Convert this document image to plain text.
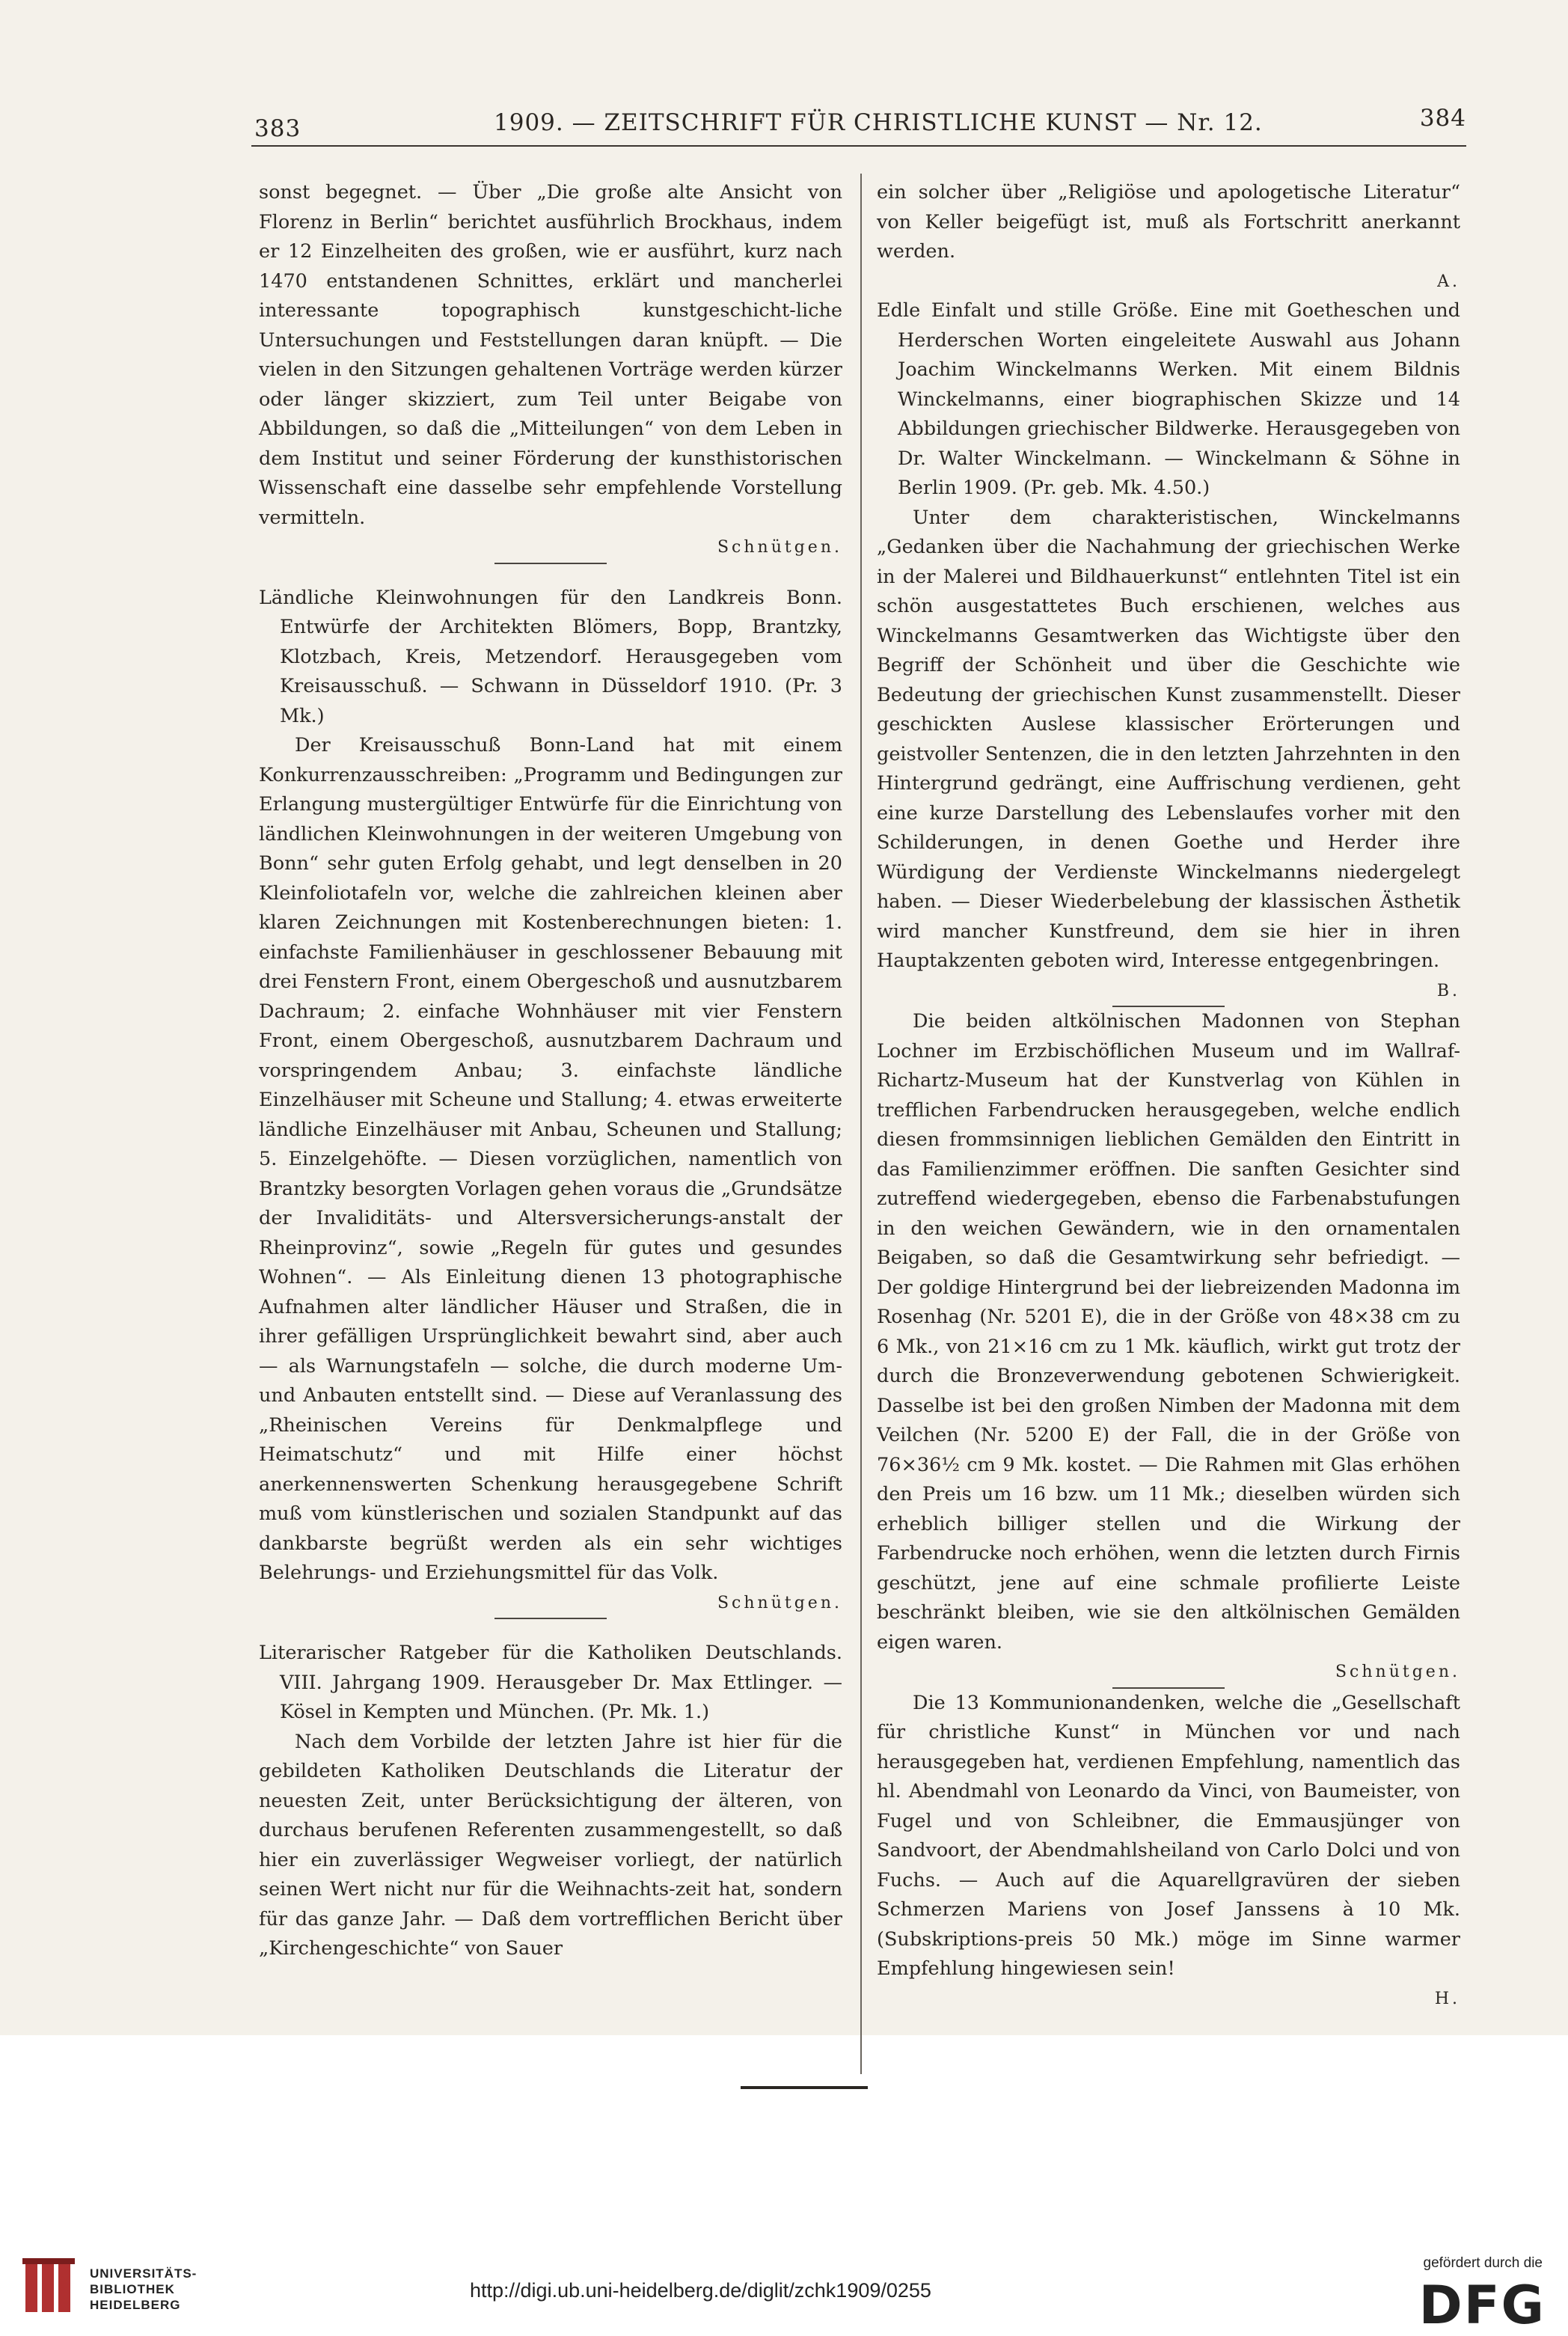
383	1909. — ZEITSCHRIFT FÜR CHRISTLICHE KUNST — Nr. 12.	384

sonst begegnet. — Über „Die große alte Ansicht von Florenz in Berlin“ berichtet ausführlich Brockhaus, indem er 12 Einzelheiten des großen, wie er ausführt, kurz nach 1470 entstandenen Schnittes, erklärt und mancherlei interessante topographisch kunstgeschicht-liche Untersuchungen und Feststellungen daran knüpft. — Die vielen in den Sitzungen gehaltenen Vorträge werden kürzer oder länger skizziert, zum Teil unter Beigabe von Abbildungen, so daß die „Mitteilungen“ von dem Leben in dem Institut und seiner Förderung der kunsthistorischen Wissenschaft eine dasselbe sehr empfehlende Vorstellung vermitteln.

Schnütgen.

Ländliche Kleinwohnungen für den Landkreis Bonn. Entwürfe der Architekten Blömers, Bopp, Brantzky, Klotzbach, Kreis, Metzendorf. Herausgegeben vom Kreisausschuß. — Schwann in Düsseldorf 1910. (Pr. 3 Mk.)

Der Kreisausschuß Bonn-Land hat mit einem Konkurrenzausschreiben: „Programm und Bedingungen zur Erlangung mustergültiger Entwürfe für die Einrichtung von ländlichen Kleinwohnungen in der weiteren Umgebung von Bonn“ sehr guten Erfolg gehabt, und legt denselben in 20 Kleinfoliotafeln vor, welche die zahlreichen kleinen aber klaren Zeichnungen mit Kostenberechnungen bieten: 1. einfachste Familienhäuser in geschlossener Bebauung mit drei Fenstern Front, einem Obergeschoß und ausnutzbarem Dachraum; 2. einfache Wohnhäuser mit vier Fenstern Front, einem Obergeschoß, ausnutzbarem Dachraum und vorspringendem Anbau; 3. einfachste ländliche Einzelhäuser mit Scheune und Stallung; 4. etwas erweiterte ländliche Einzelhäuser mit Anbau, Scheunen und Stallung; 5. Einzelgehöfte. — Diesen vorzüglichen, namentlich von Brantzky besorgten Vorlagen gehen voraus die „Grundsätze der Invaliditäts- und Altersversicherungs-anstalt der Rheinprovinz“, sowie „Regeln für gutes und gesundes Wohnen“. — Als Einleitung dienen 13 photographische Aufnahmen alter ländlicher Häuser und Straßen, die in ihrer gefälligen Ursprünglichkeit bewahrt sind, aber auch — als Warnungstafeln — solche, die durch moderne Um- und Anbauten entstellt sind. — Diese auf Veranlassung des „Rheinischen Vereins für Denkmalpflege und Heimatschutz“ und mit Hilfe einer höchst anerkennenswerten Schenkung herausgegebene Schrift muß vom künstlerischen und sozialen Standpunkt auf das dankbarste begrüßt werden als ein sehr wichtiges Belehrungs- und Erziehungsmittel für das Volk.

Schnütgen.

Literarischer Ratgeber für die Katholiken Deutschlands. VIII. Jahrgang 1909. Herausgeber Dr. Max Ettlinger. — Kösel in Kempten und München. (Pr. Mk. 1.)

Nach dem Vorbilde der letzten Jahre ist hier für die gebildeten Katholiken Deutschlands die Literatur der neuesten Zeit, unter Berücksichtigung der älteren, von durchaus berufenen Referenten zusammengestellt, so daß hier ein zuverlässiger Wegweiser vorliegt, der natürlich seinen Wert nicht nur für die Weihnachts-zeit hat, sondern für das ganze Jahr. — Daß dem vortrefflichen Bericht über „Kirchengeschichte“ von Sauer

ein solcher über „Religiöse und apologetische Literatur“ von Keller beigefügt ist, muß als Fortschritt anerkannt werden.

A.

Edle Einfalt und stille Größe. Eine mit Goetheschen und Herderschen Worten eingeleitete Auswahl aus Johann Joachim Winckelmanns Werken. Mit einem Bildnis Winckelmanns, einer biographischen Skizze und 14 Abbildungen griechischer Bildwerke. Herausgegeben von Dr. Walter Winckelmann. — Winckelmann & Söhne in Berlin 1909. (Pr. geb. Mk. 4.50.)

Unter dem charakteristischen, Winckelmanns „Gedanken über die Nachahmung der griechischen Werke in der Malerei und Bildhauerkunst“ entlehnten Titel ist ein schön ausgestattetes Buch erschienen, welches aus Winckelmanns Gesamtwerken das Wichtigste über den Begriff der Schönheit und über die Geschichte wie Bedeutung der griechischen Kunst zusammenstellt. Dieser geschickten Auslese klassischer Erörterungen und geistvoller Sentenzen, die in den letzten Jahrzehnten in den Hintergrund gedrängt, eine Auffrischung verdienen, geht eine kurze Darstellung des Lebenslaufes vorher mit den Schilderungen, in denen Goethe und Herder ihre Würdigung der Verdienste Winckelmanns niedergelegt haben. — Dieser Wiederbelebung der klassischen Ästhetik wird mancher Kunstfreund, dem sie hier in ihren Hauptakzenten geboten wird, Interesse entgegenbringen.

B.

Die beiden altkölnischen Madonnen von Stephan Lochner im Erzbischöflichen Museum und im Wallraf-Richartz-Museum hat der Kunstverlag von Kühlen in trefflichen Farbendrucken herausgegeben, welche endlich diesen frommsinnigen lieblichen Gemälden den Eintritt in das Familienzimmer eröffnen. Die sanften Gesichter sind zutreffend wiedergegeben, ebenso die Farbenabstufungen in den weichen Gewändern, wie in den ornamentalen Beigaben, so daß die Gesamtwirkung sehr befriedigt. — Der goldige Hintergrund bei der liebreizenden Madonna im Rosenhag (Nr. 5201 E), die in der Größe von 48×38 cm zu 6 Mk., von 21×16 cm zu 1 Mk. käuflich, wirkt gut trotz der durch die Bronzeverwendung gebotenen Schwierigkeit. Dasselbe ist bei den großen Nimben der Madonna mit dem Veilchen (Nr. 5200 E) der Fall, die in der Größe von 76×36½ cm 9 Mk. kostet. — Die Rahmen mit Glas erhöhen den Preis um 16 bzw. um 11 Mk.; dieselben würden sich erheblich billiger stellen und die Wirkung der Farbendrucke noch erhöhen, wenn die letzten durch Firnis geschützt, jene auf eine schmale profilierte Leiste beschränkt bleiben, wie sie den altkölnischen Gemälden eigen waren.

Schnütgen.

Die 13 Kommunionandenken, welche die „Gesellschaft für christliche Kunst“ in München vor und nach herausgegeben hat, verdienen Empfehlung, namentlich das hl. Abendmahl von Leonardo da Vinci, von Baumeister, von Fugel und von Schleibner, die Emmausjünger von Sandvoort, der Abendmahlsheiland von Carlo Dolci und von Fuchs. — Auch auf die Aquarellgravüren der sieben Schmerzen Mariens von Josef Janssens à 10 Mk. (Subskriptions-preis 50 Mk.) möge im Sinne warmer Empfehlung hingewiesen sein!

H.

UNIVERSITÄTS-
BIBLIOTHEK
HEIDELBERG
http://digi.ub.uni-heidelberg.de/diglit/zchk1909/0255
gefördert durch die
DFG
